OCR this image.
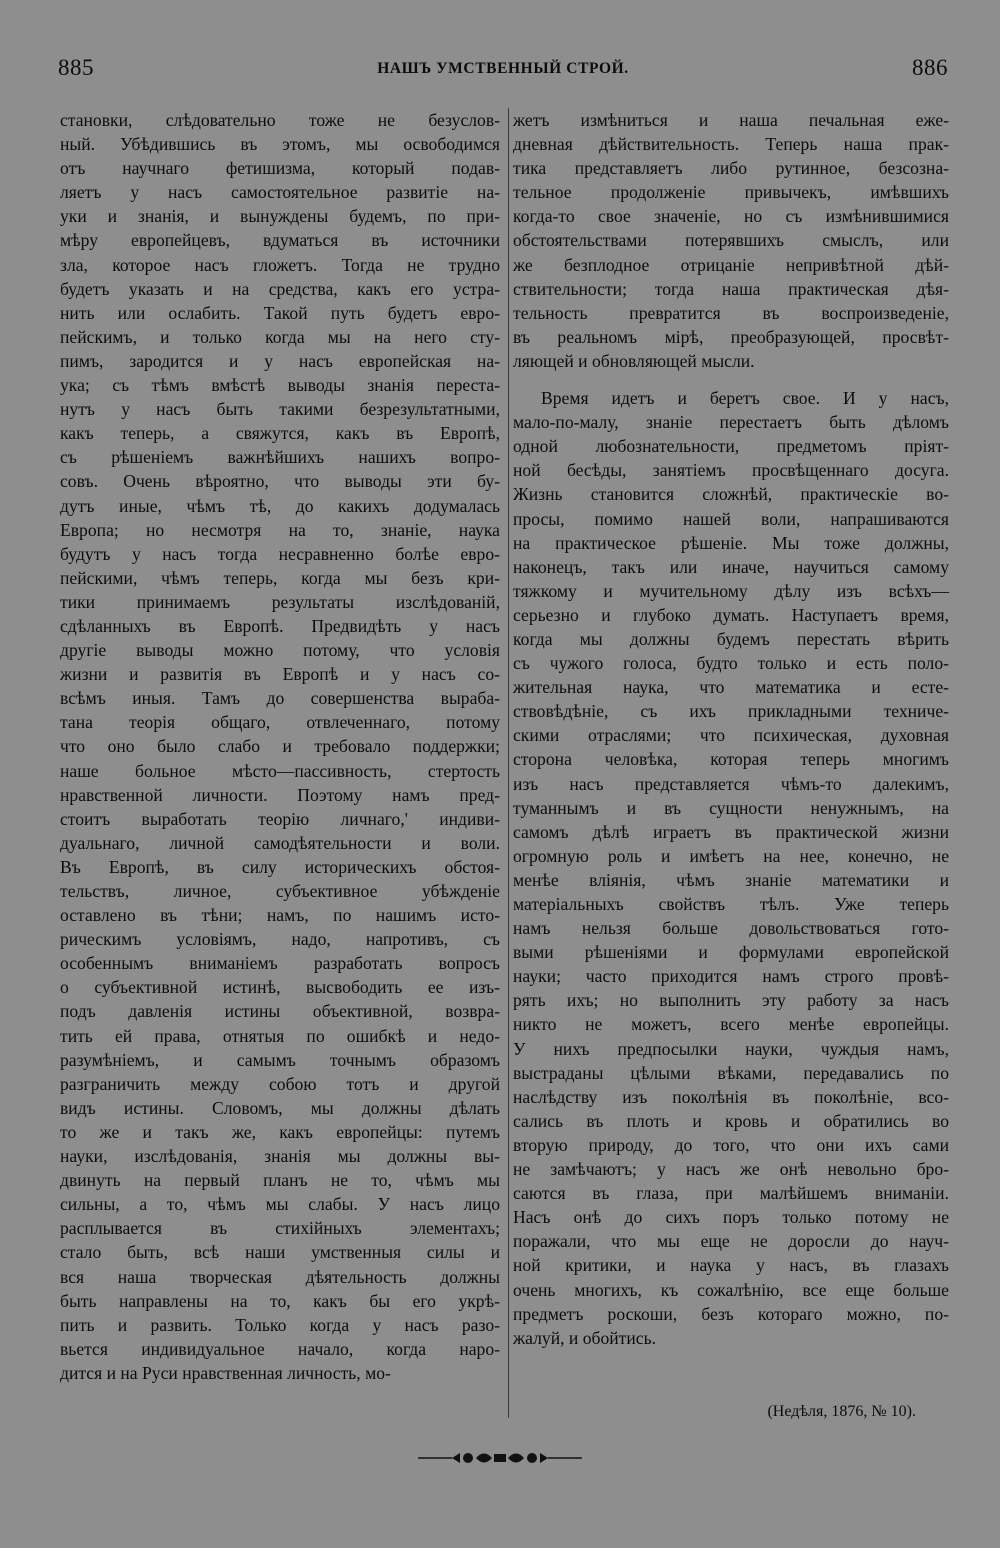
885	НАШЪ УМСТВЕННЫЙ СТРОЙ.	886
становки, слѣдовательно тоже не безуслов-
ный. Убѣдившись въ этомъ, мы освободимся
отъ научнаго фетишизма, который подав-
ляетъ у насъ самостоятельное развитіе на-
уки и знанія, и вынуждены будемъ, по при-
мѣру европейцевъ, вдуматься въ источники
зла, которое насъ гложетъ. Тогда не трудно
будетъ указать и на средства, какъ его устра-
нить или ослабить. Такой путь будетъ евро-
пейскимъ, и только когда мы на него сту-
пимъ, зародится и у насъ европейская на-
ука; съ тѣмъ вмѣстѣ выводы знанія переста-
нутъ у насъ быть такими безрезультатными,
какъ теперь, а свяжутся, какъ въ Европѣ,
съ рѣшеніемъ важнѣйшихъ нашихъ вопро-
совъ. Очень вѣроятно, что выводы эти бу-
дутъ иные, чѣмъ тѣ, до какихъ додумалась
Европа; но несмотря на то, знаніе, наука
будутъ у насъ тогда несравненно болѣе евро-
пейскими, чѣмъ теперь, когда мы безъ кри-
тики принимаемъ результаты изслѣдованій,
сдѣланныхъ въ Европѣ. Предвидѣть у насъ
другіе выводы можно потому, что условія
жизни и развитія въ Европѣ и у насъ со-
всѣмъ иныя. Тамъ до совершенства выраба-
тана теорія общаго, отвлеченнаго, потому
что оно было слабо и требовало поддержки;
наше больное мѣсто—пассивность, стертость
нравственной личности. Поэтому намъ пред-
стоитъ выработать теорію личнаго,' индиви-
дуальнаго, личной самодѣятельности и воли.
Въ Европѣ, въ силу историческихъ обстоя-
тельствъ, личное, субъективное убѣжденіе
оставлено въ тѣни; намъ, по нашимъ исто-
рическимъ условіямъ, надо, напротивъ, съ
особеннымъ вниманіемъ разработать вопросъ
о субъективной истинѣ, высвободить ее изъ-
подъ давленія истины объективной, возвра-
тить ей права, отнятыя по ошибкѣ и недо-
разумѣніемъ, и самымъ точнымъ образомъ
разграничить между собою тотъ и другой
видъ истины. Словомъ, мы должны дѣлать
то же и такъ же, какъ европейцы: путемъ
науки, изслѣдованія, знанія мы должны вы-
двинуть на первый планъ не то, чѣмъ мы
сильны, а то, чѣмъ мы слабы. У насъ лицо
расплывается въ стихійныхъ элементахъ;
стало быть, всѣ наши умственныя силы и
вся наша творческая дѣятельность должны
быть направлены на то, какъ бы его укрѣ-
пить и развить. Только когда у насъ разо-
вьется индивидуальное начало, когда наро-
дится и на Руси нравственная личность, мо-
жетъ измѣниться и наша печальная еже-
дневная дѣйствительность. Теперь наша прак-
тика представляетъ либо рутинное, безсозна-
тельное продолженіе привычекъ, имѣвшихъ
когда-то свое значеніе, но съ измѣнившимися
обстоятельствами потерявшихъ смыслъ, или
же безплодное отрицаніе непривѣтной дѣй-
ствительности; тогда наша практическая дѣя-
тельность превратится въ воспроизведеніе,
въ реальномъ мірѣ, преобразующей, просвѣт-
ляющей и обновляющей мысли.
Время идетъ и беретъ свое. И у насъ,
мало-по-малу, знаніе перестаетъ быть дѣломъ
одной любознательности, предметомъ пріят-
ной бесѣды, занятіемъ просвѣщеннаго досуга.
Жизнь становится сложнѣй, практическіе во-
просы, помимо нашей воли, напрашиваются
на практическое рѣшеніе. Мы тоже должны,
наконецъ, такъ или иначе, научиться самому
тяжкому и мучительному дѣлу изъ всѣхъ—
серьезно и глубоко думать. Наступаетъ время,
когда мы должны будемъ перестать вѣрить
съ чужого голоса, будто только и есть поло-
жительная наука, что математика и есте-
ствовѣдѣніе, съ ихъ прикладными техниче-
скими отраслями; что психическая, духовная
сторона человѣка, которая теперь многимъ
изъ насъ представляется чѣмъ-то далекимъ,
туманнымъ и въ сущности ненужнымъ, на
самомъ дѣлѣ играетъ въ практической жизни
огромную роль и имѣетъ на нее, конечно, не
менѣе вліянія, чѣмъ знаніе математики и
матеріальныхъ свойствъ тѣлъ. Уже теперь
намъ нельзя больше довольствоваться гото-
выми рѣшеніями и формулами европейской
науки; часто приходится намъ строго провѣ-
рять ихъ; но выполнить эту работу за насъ
никто не можетъ, всего менѣе европейцы.
У нихъ предпосылки науки, чуждыя намъ,
выстраданы цѣлыми вѣками, передавались по
наслѣдству изъ поколѣнія въ поколѣніе, всо-
сались въ плоть и кровь и обратились во
вторую природу, до того, что они ихъ сами
не замѣчаютъ; у насъ же онѣ невольно бро-
саются въ глаза, при малѣйшемъ вниманіи.
Насъ онѣ до сихъ поръ только потому не
поражали, что мы еще не доросли до науч-
ной критики, и наука у насъ, въ глазахъ
очень многихъ, къ сожалѣнію, все еще больше
предметъ роскоши, безъ котораго можно, по-
жалуй, и обойтись.
(Недѣля, 1876, № 10).
